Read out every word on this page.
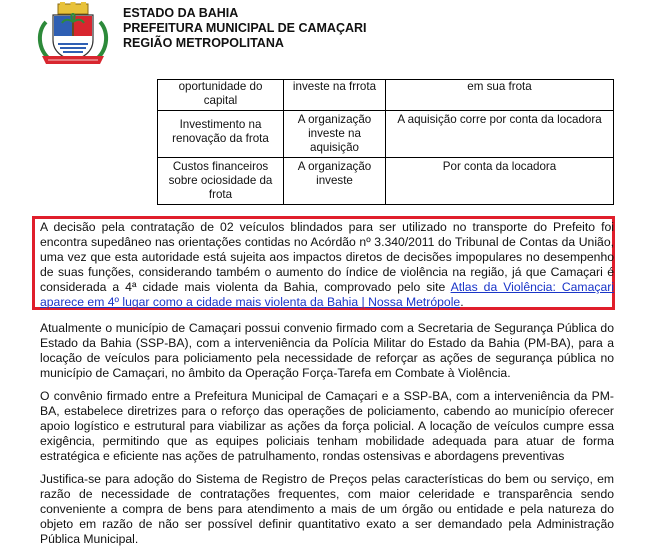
ESTADO DA BAHIA
PREFEITURA MUNICIPAL DE CAMAÇARI
REGIÃO METROPOLITANA
oportunidade do capital	investe na frrota	em sua frota
Investimento na renovação da frota	A organização investe na aquisição	A aquisição corre por conta da locadora
Custos financeiros sobre ociosidade da frota	A organização investe	Por conta da locadora
A decisão pela contratação de 02 veículos blindados para ser utilizado no transporte do Prefeito foi encontra supedâneo nas orientações contidas no Acórdão nº 3.340/2011 do Tribunal de Contas da União, uma vez que esta autoridade está sujeita aos impactos diretos de decisões impopulares no desempenho de suas funções, considerando também o aumento do índice de violência na região, já que Camaçari é considerada a 4ª cidade mais violenta da Bahia, comprovado pelo site Atlas da Violência: Camaçari aparece em 4º lugar como a cidade mais violenta da Bahia | Nossa Metrópole.
Atualmente o município de Camaçari possui convenio firmado com a Secretaria de Segurança Pública do Estado da Bahia (SSP-BA), com a interveniência da Polícia Militar do Estado da Bahia (PM-BA), para a locação de veículos para policiamento pela necessidade de reforçar as ações de segurança pública no município de Camaçari, no âmbito da Operação Força-Tarefa em Combate à Violência.
O convênio firmado entre a Prefeitura Municipal de Camaçari e a SSP-BA, com a interveniência da PM-BA, estabelece diretrizes para o reforço das operações de policiamento, cabendo ao município oferecer apoio logístico e estrutural para viabilizar as ações da força policial. A locação de veículos cumpre essa exigência, permitindo que as equipes policiais tenham mobilidade adequada para atuar de forma estratégica e eficiente nas ações de patrulhamento, rondas ostensivas e abordagens preventivas
Justifica-se para adoção do Sistema de Registro de Preços pelas características do bem ou serviço, em razão de necessidade de contratações frequentes, com maior celeridade e transparência sendo conveniente a compra de bens para atendimento a mais de um órgão ou entidade e pela natureza do objeto em razão de não ser possível definir quantitativo exato a ser demandado pela Administração Pública Municipal.
